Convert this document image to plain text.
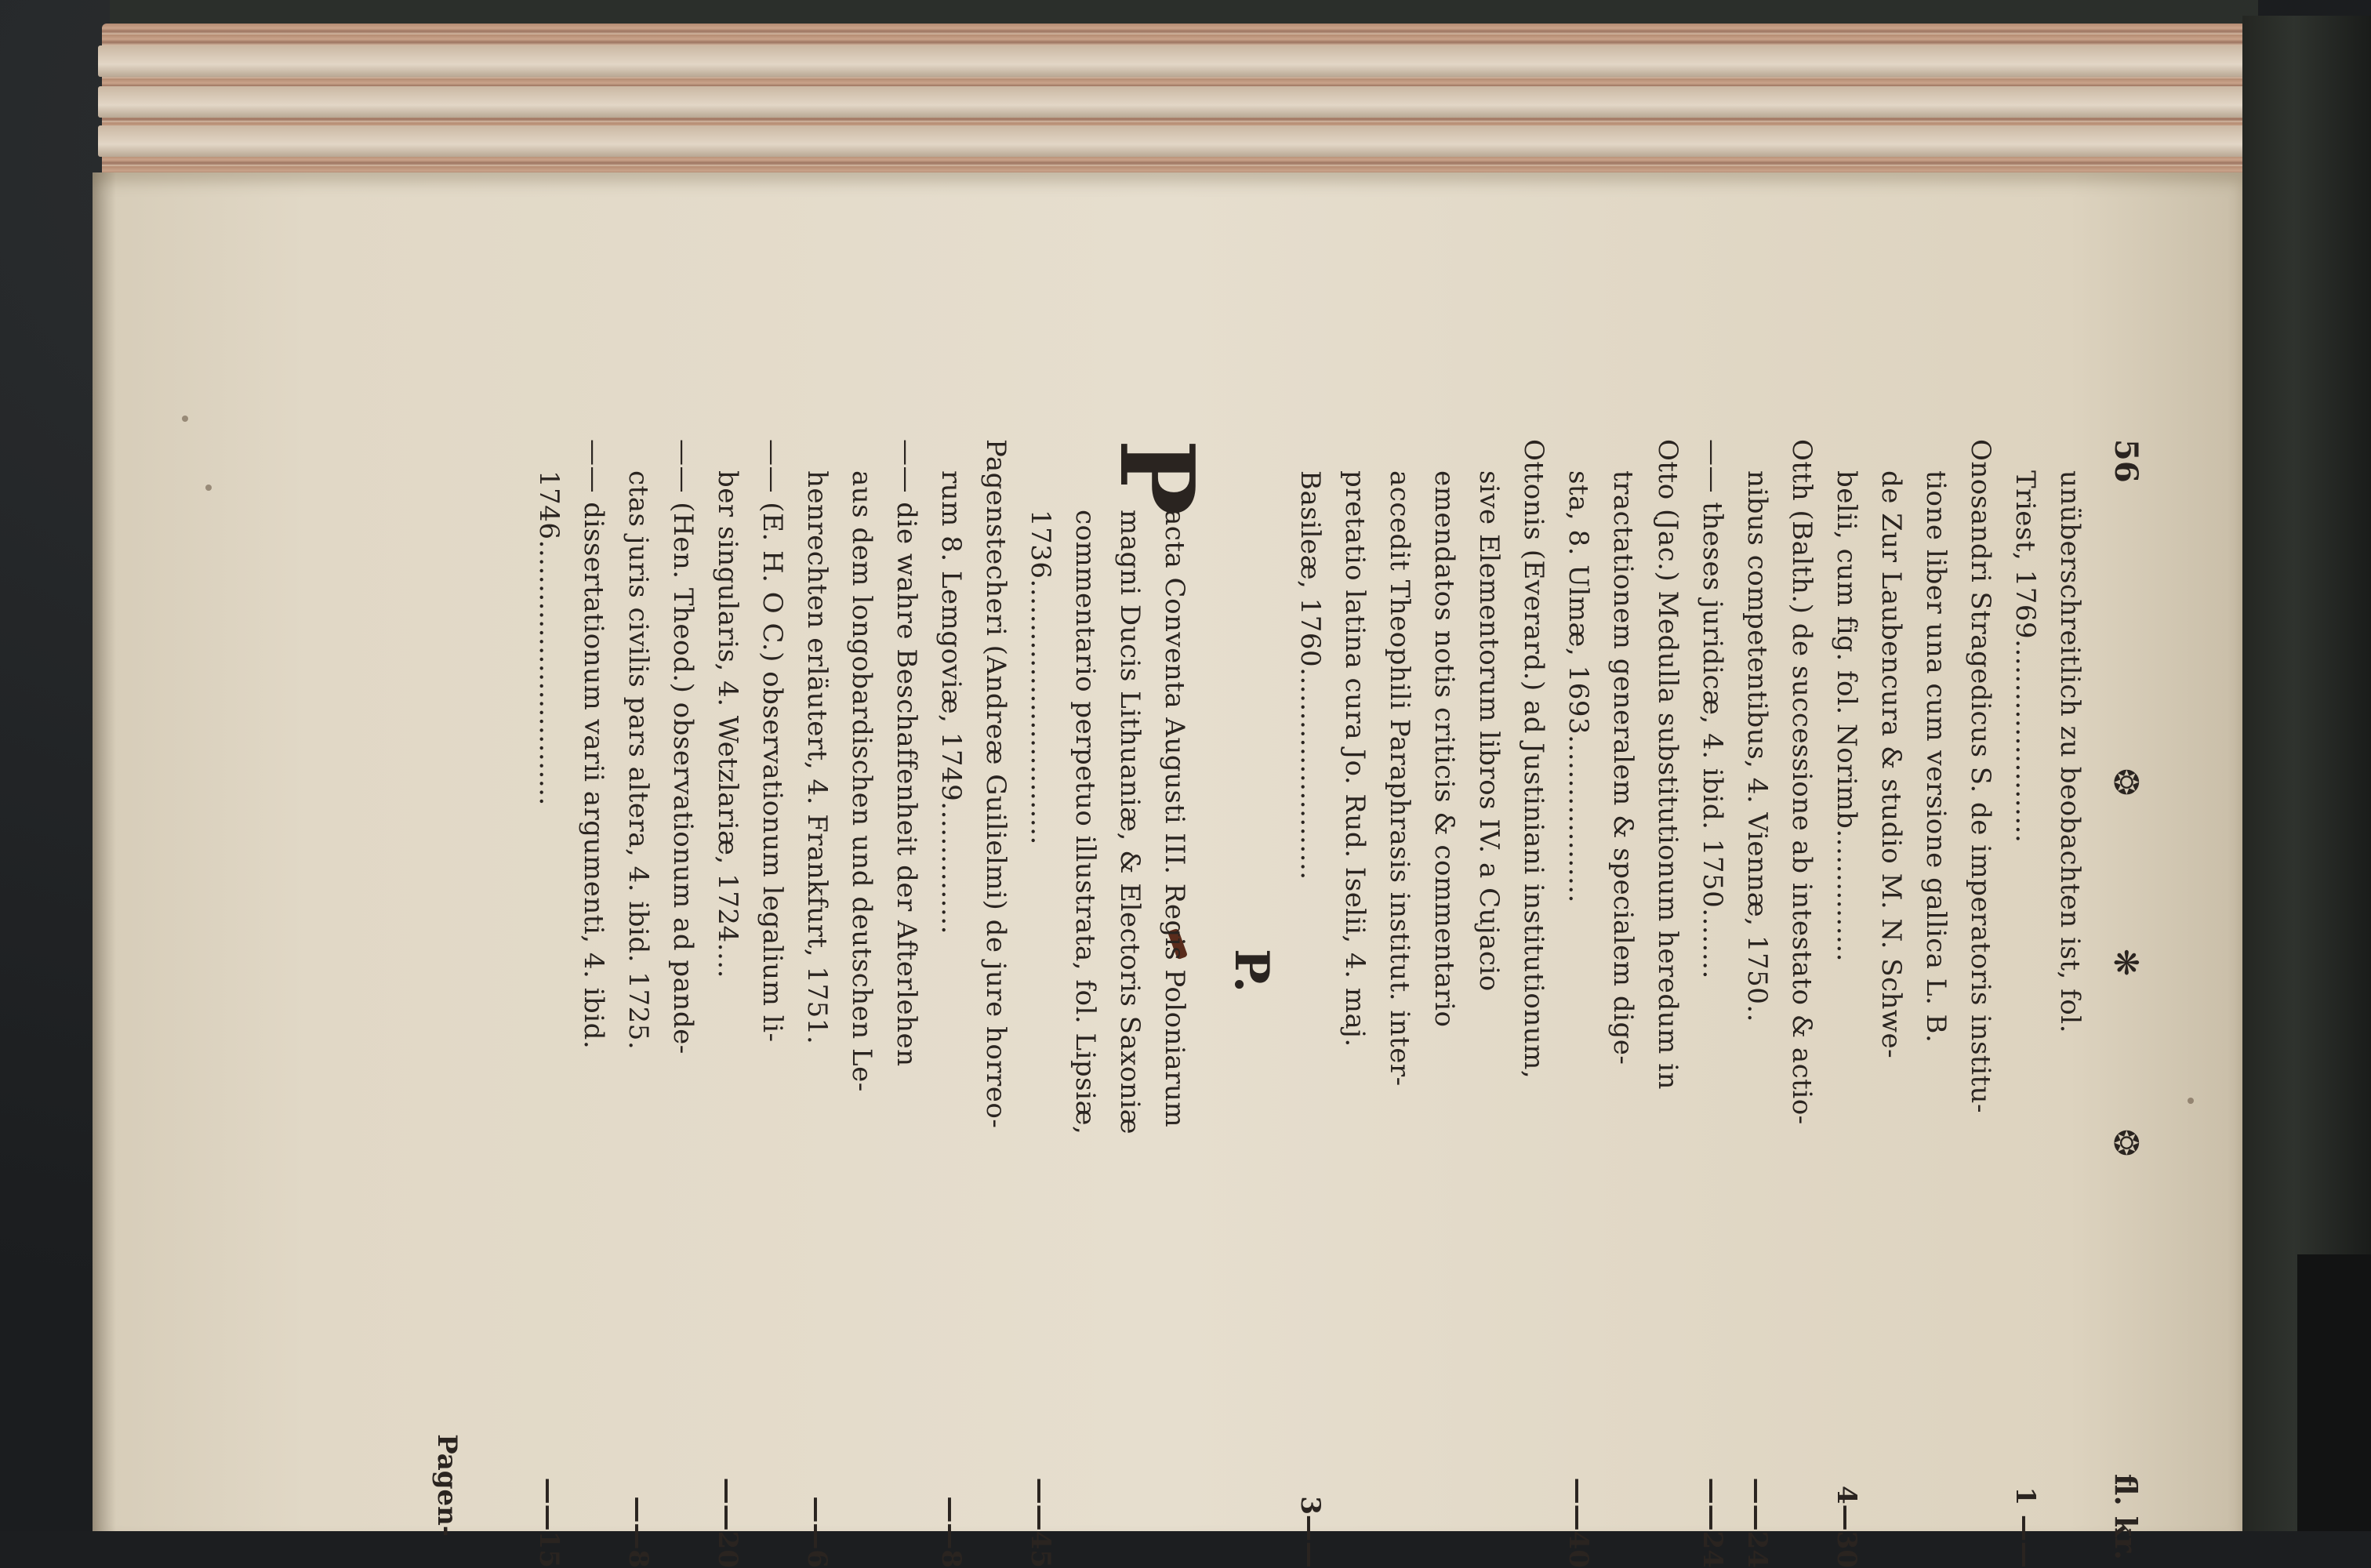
56
❂
❋
❂
fl. kr.
unüberschreitlich zu beobachten ist, fol.
Triest, 1769.......................
1 ——
Onosandri Stragedicus S. de imperatoris institu-
tione liber una cum versione gallica L. B.
de Zur Laubencura & studio M. N. Schwe-
belii, cum fig. fol. Norimb...............
4—30
Otth (Balth.) de successione ab intestato & actio-
nibus competentibus, 4. Viennæ, 1750..
——24
—— theses juridicæ, 4. ibid. 1750........
——24
Otto (Jac.) Medulla substitutionum heredum in
tractationem generalem & specialem dige-
sta, 8. Ulmæ, 1693...................
——40
Ottonis (Everard.) ad Justiniani institutionum,
sive Elementorum libros IV. a Cujacio
emendatos notis criticis & commentario
accedit Theophili Paraphrasis institut. inter-
pretatio latina cura Jo. Rud. Iselii, 4. maj.
Basileæ, 1760........................
3——
P.
P
acta Conventa Augusti III. Regis Poloniarum
magni Ducis Lithuaniæ, & Electoris Saxoniæ
commentario perpetuo illustrata, fol. Lipsiæ,
1736..............................
——45
Pagenstecheri (Andreæ Guilielmi) de jure horreo-
rum 8. Lemgoviæ, 1749...............
——8
—— die wahre Beschaffenheit der Afterlehen
aus dem longobardischen und deutschen Le-
henrechten erläutert, 4. Frankfurt, 1751.
——6
—— (E. H. O C.) observationum legalium li-
ber singularis, 4. Wetzlariæ, 1724....
——20
—— (Hen. Theod.) observationum ad pande-
ctas juris civilis pars altera, 4. ibid. 1725.
——8
—— dissertationum varii argumenti, 4. ibid.
1746..............................
——15
Pagen-
